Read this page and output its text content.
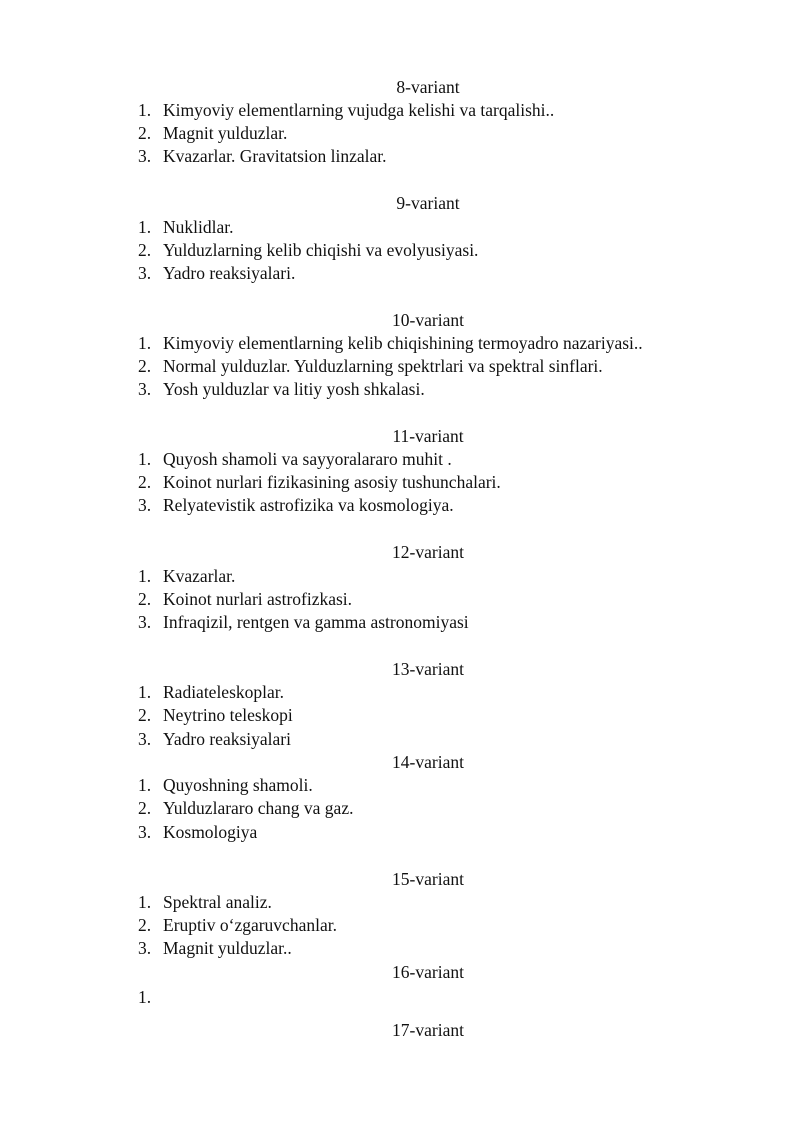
8-variant
1. Kimyoviy elementlarning vujudga kelishi va tarqalishi..
2. Magnit yulduzlar.
3. Kvazarlar. Gravitatsion linzalar.
9-variant
1. Nuklidlar.
2. Yulduzlarning kelib chiqishi va evolyusiyasi.
3. Yadro reaksiyalari.
10-variant
1. Kimyoviy elementlarning kelib chiqishining termoyadro nazariyasi..
2. Normal yulduzlar. Yulduzlarning spektrlari va spektral sinflari.
3. Yosh yulduzlar va litiy yosh shkalasi.
11-variant
1. Quyosh shamoli va sayyoralararo muhit .
2. Koinot nurlari fizikasining asosiy tushunchalari.
3. Relyatevistik astrofizika va kosmologiya.
12-variant
1. Kvazarlar.
2. Koinot nurlari astrofizkasi.
3. Infraqizil, rentgen va gamma astronomiyasi
13-variant
1. Radiateleskoplar.
2. Neytrino teleskopi
3. Yadro reaksiyalari
14-variant
1. Quyoshning shamoli.
2. Yulduzlararo chang va gaz.
3. Kosmologiya
15-variant
1. Spektral analiz.
2. Eruptiv o‘zgaruvchanlar.
3. Magnit yulduzlar..
16-variant
1.
17-variant
